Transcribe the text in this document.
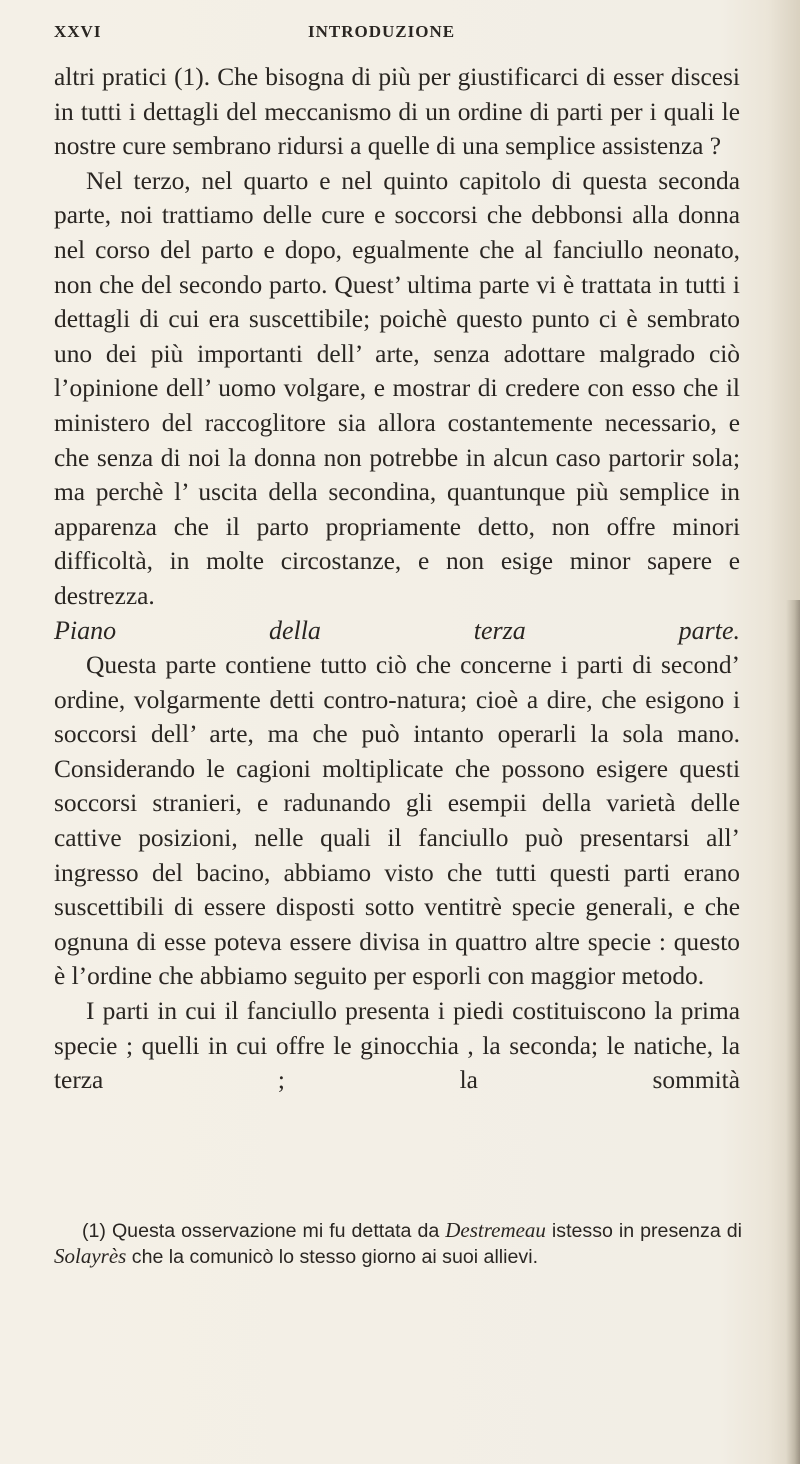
XXVI	INTRODUZIONE

altri pratici (1). Che bisogna di più per giustificarci di esser discesi in tutti i dettagli del meccanismo di un ordine di parti per i quali le nostre cure sembrano ridursi a quelle di una semplice assistenza ?

Nel terzo, nel quarto e nel quinto capitolo di questa seconda parte, noi trattiamo delle cure e soccorsi che debbonsi alla donna nel corso del parto e dopo, egualmente che al fanciullo neonato, non che del secondo parto. Quest’ ultima parte vi è trattata in tutti i dettagli di cui era suscettibile; poichè questo punto ci è sembrato uno dei più importanti dell’ arte, senza adottare malgrado ciò l’opinione dell’ uomo volgare, e mostrar di credere con esso che il ministero del raccoglitore sia allora costantemente necessario, e che senza di noi la donna non potrebbe in alcun caso partorir sola; ma perchè l’ uscita della secondina, quantunque più semplice in apparenza che il parto propriamente detto, non offre minori difficoltà, in molte circostanze, e non esige minor sapere e destrezza.

Piano della terza parte.

Questa parte contiene tutto ciò che concerne i parti di second’ ordine, volgarmente detti contro-natura; cioè a dire, che esigono i soccorsi dell’ arte, ma che può intanto operarli la sola mano. Considerando le cagioni moltiplicate che possono esigere questi soccorsi stranieri, e radunando gli esempii della varietà delle cattive posizioni, nelle quali il fanciullo può presentarsi all’ ingresso del bacino, abbiamo visto che tutti questi parti erano suscettibili di essere disposti sotto ventitrè specie generali, e che ognuna di esse poteva essere divisa in quattro altre specie : questo è l’ordine che abbiamo seguito per esporli con maggior metodo.

I parti in cui il fanciullo presenta i piedi costituiscono la prima specie ; quelli in cui offre le ginocchia , la seconda; le natiche, la terza ; la sommità

(1) Questa osservazione mi fu dettata da Destremeau istesso in presenza di Solayrès che la comunicò lo stesso giorno ai suoi allievi.
